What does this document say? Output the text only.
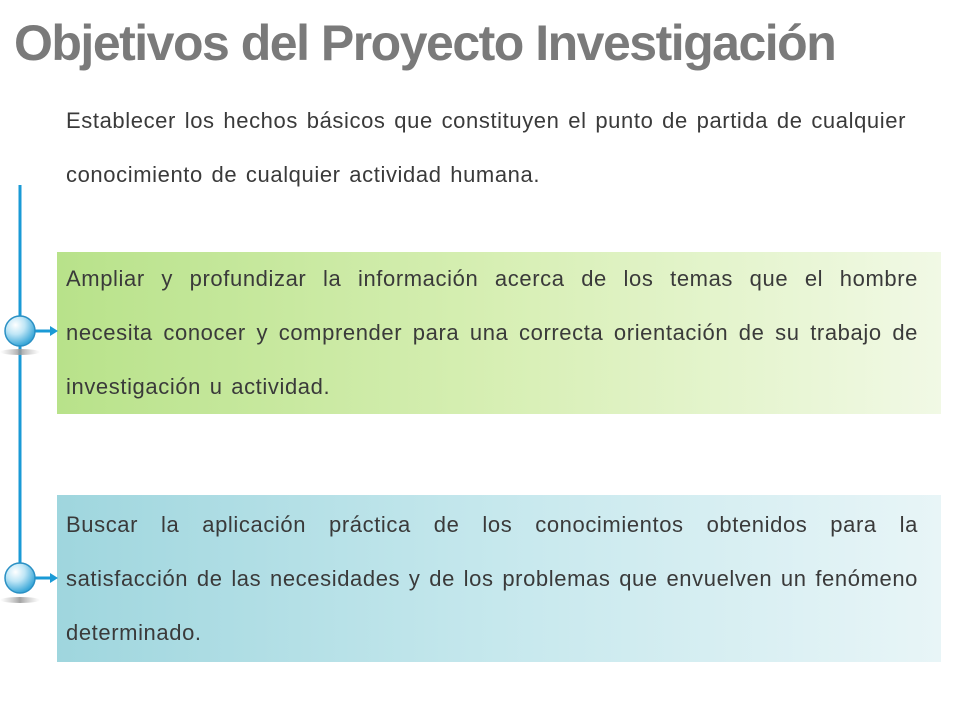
Objetivos del Proyecto Investigación
Establecer los hechos básicos que constituyen el punto de partida de cualquier conocimiento de cualquier actividad humana.
Ampliar y profundizar la información acerca de los temas que el hombre necesita conocer y comprender para una correcta orientación de su trabajo de investigación u actividad.
Buscar la aplicación práctica de los conocimientos obtenidos para la satisfacción de las necesidades y de los problemas que envuelven un fenómeno determinado.
